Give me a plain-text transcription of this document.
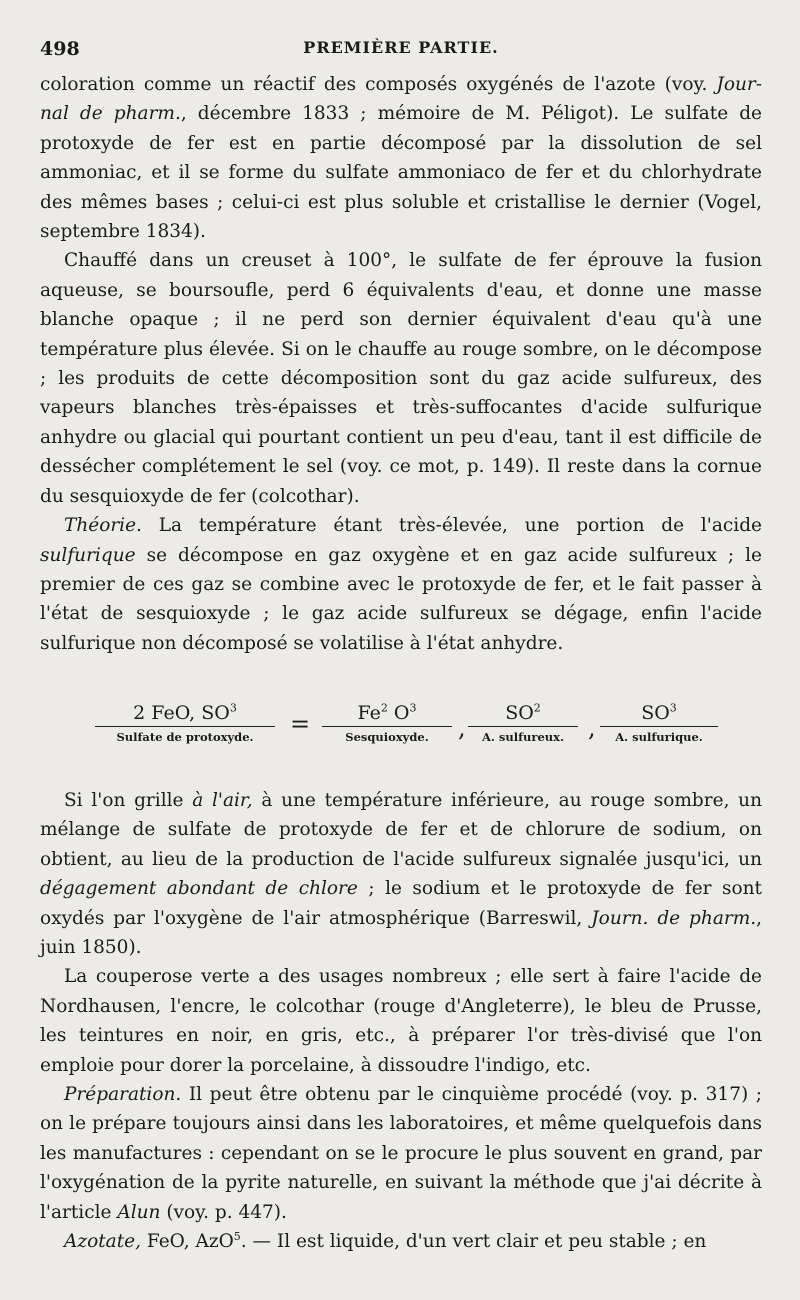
498	PREMIÈRE PARTIE.

coloration comme un réactif des composés oxygénés de l'azote (voy. Jour- nal de pharm., décembre 1833 ; mémoire de M. Péligot). Le sulfate de protoxyde de fer est en partie décomposé par la dissolution de sel ammoniac, et il se forme du sulfate ammoniaco de fer et du chlorhydrate des mêmes bases ; celui-ci est plus soluble et cristallise le dernier (Vogel, septembre 1834).

Chauffé dans un creuset à 100°, le sulfate de fer éprouve la fusion aqueuse, se boursoufle, perd 6 équivalents d'eau, et donne une masse blanche opaque ; il ne perd son dernier équivalent d'eau qu'à une température plus élevée. Si on le chauffe au rouge sombre, on le décompose ; les produits de cette décomposition sont du gaz acide sulfureux, des vapeurs blanches très-épaisses et très-suffocantes d'acide sulfurique anhydre ou glacial qui pourtant contient un peu d'eau, tant il est difficile de dessécher complétement le sel (voy. ce mot, p. 149). Il reste dans la cornue du sesquioxyde de fer (colcothar).

Théorie. La température étant très-élevée, une portion de l'acide sulfurique se décompose en gaz oxygène et en gaz acide sulfureux ; le premier de ces gaz se combine avec le protoxyde de fer, et le fait passer à l'état de sesquioxyde ; le gaz acide sulfureux se dégage, enfin l'acide sulfurique non décomposé se volatilise à l'état anhydre.

2 FeO, $SO^3$
Sulfate de protoxyde.	=	$Fe^2$ $O^3$
Sesquioxyde.	,
$SO^2$
A. sulfureux. ,
$SO^3$
A. sulfurique.

Si l'on grille à l'air, à une température inférieure, au rouge sombre, un mélange de sulfate de protoxyde de fer et de chlorure de sodium, on obtient, au lieu de la production de l'acide sulfureux signalée jusqu'ici, un dégagement abondant de chlore ; le sodium et le protoxyde de fer sont oxydés par l'oxygène de l'air atmosphérique (Barreswil, Journ. de pharm., juin 1850).

La couperose verte a des usages nombreux ; elle sert à faire l'acide de Nordhausen, l'encre, le colcothar (rouge d'Angleterre), le bleu de Prusse, les teintures en noir, en gris, etc., à préparer l'or très-divisé que l'on emploie pour dorer la porcelaine, à dissoudre l'indigo, etc.

Préparation. Il peut être obtenu par le cinquième procédé (voy. p. 317) ; on le prépare toujours ainsi dans les laboratoires, et même quelquefois dans les manufactures : cependant on se le procure le plus souvent en grand, par l'oxygénation de la pyrite naturelle, en suivant la méthode que j'ai décrite à l'article Alun (voy. p. 447).

Azotate, FeO, AzO$^5$. — Il est liquide, d'un vert clair et peu stable ; en
